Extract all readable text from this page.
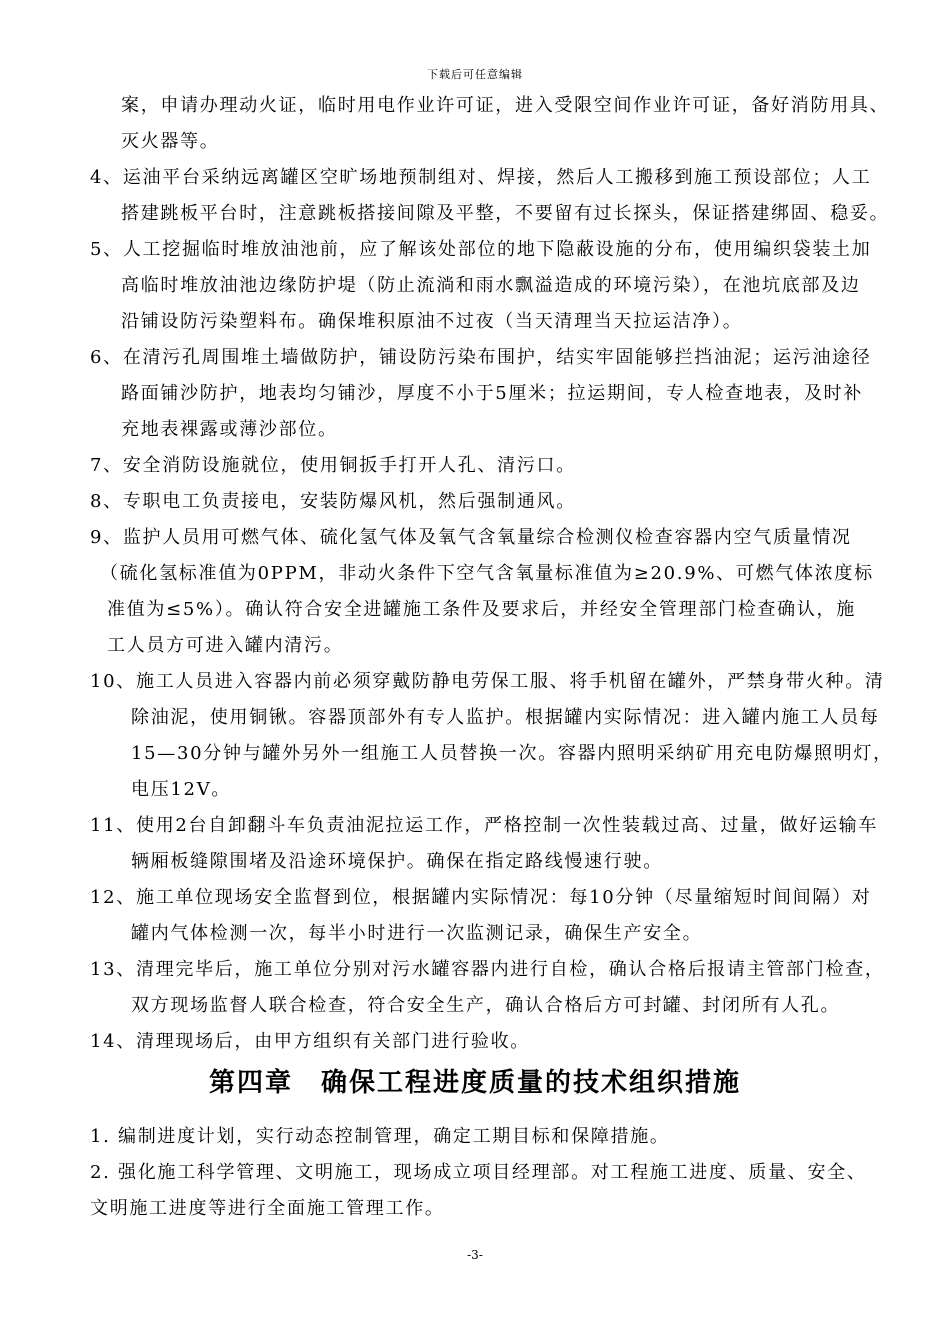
下载后可任意编辑
案，申请办理动火证，临时用电作业许可证，进入受限空间作业许可证，备好消防用具、
灭火器等。
4、运油平台采纳远离罐区空旷场地预制组对、焊接，然后人工搬移到施工预设部位；人工
搭建跳板平台时，注意跳板搭接间隙及平整，不要留有过长探头，保证搭建绑固、稳妥。
5、人工挖掘临时堆放油池前，应了解该处部位的地下隐蔽设施的分布，使用编织袋装土加
高临时堆放油池边缘防护堤（防止流淌和雨水飘溢造成的环境污染），在池坑底部及边
沿铺设防污染塑料布。确保堆积原油不过夜（当天清理当天拉运洁净）。
6、在清污孔周围堆土墙做防护，铺设防污染布围护，结实牢固能够拦挡油泥；运污油途径
路面铺沙防护，地表均匀铺沙，厚度不小于5厘米；拉运期间，专人检查地表，及时补
充地表裸露或薄沙部位。
7、安全消防设施就位，使用铜扳手打开人孔、清污口。
8、专职电工负责接电，安装防爆风机，然后强制通风。
9、监护人员用可燃气体、硫化氢气体及氧气含氧量综合检测仪检查容器内空气质量情况
（硫化氢标准值为0PPM，非动火条件下空气含氧量标准值为≥20.9%、可燃气体浓度标
准值为≤5%）。确认符合安全进罐施工条件及要求后，并经安全管理部门检查确认，施
工人员方可进入罐内清污。
10、施工人员进入容器内前必须穿戴防静电劳保工服、将手机留在罐外，严禁身带火种。清
除油泥，使用铜锹。容器顶部外有专人监护。根据罐内实际情况：进入罐内施工人员每
15—30分钟与罐外另外一组施工人员替换一次。容器内照明采纳矿用充电防爆照明灯，
电压12V。
11、使用2台自卸翻斗车负责油泥拉运工作，严格控制一次性装载过高、过量，做好运输车
辆厢板缝隙围堵及沿途环境保护。确保在指定路线慢速行驶。
12、施工单位现场安全监督到位，根据罐内实际情况：每10分钟（尽量缩短时间间隔）对
罐内气体检测一次，每半小时进行一次监测记录，确保生产安全。
13、清理完毕后，施工单位分别对污水罐容器内进行自检，确认合格后报请主管部门检查，
双方现场监督人联合检查，符合安全生产，确认合格后方可封罐、封闭所有人孔。
14、清理现场后，由甲方组织有关部门进行验收。
第四章　确保工程进度质量的技术组织措施
1. 编制进度计划，实行动态控制管理，确定工期目标和保障措施。
2. 强化施工科学管理、文明施工，现场成立项目经理部。对工程施工进度、质量、安全、
文明施工进度等进行全面施工管理工作。
-3-
